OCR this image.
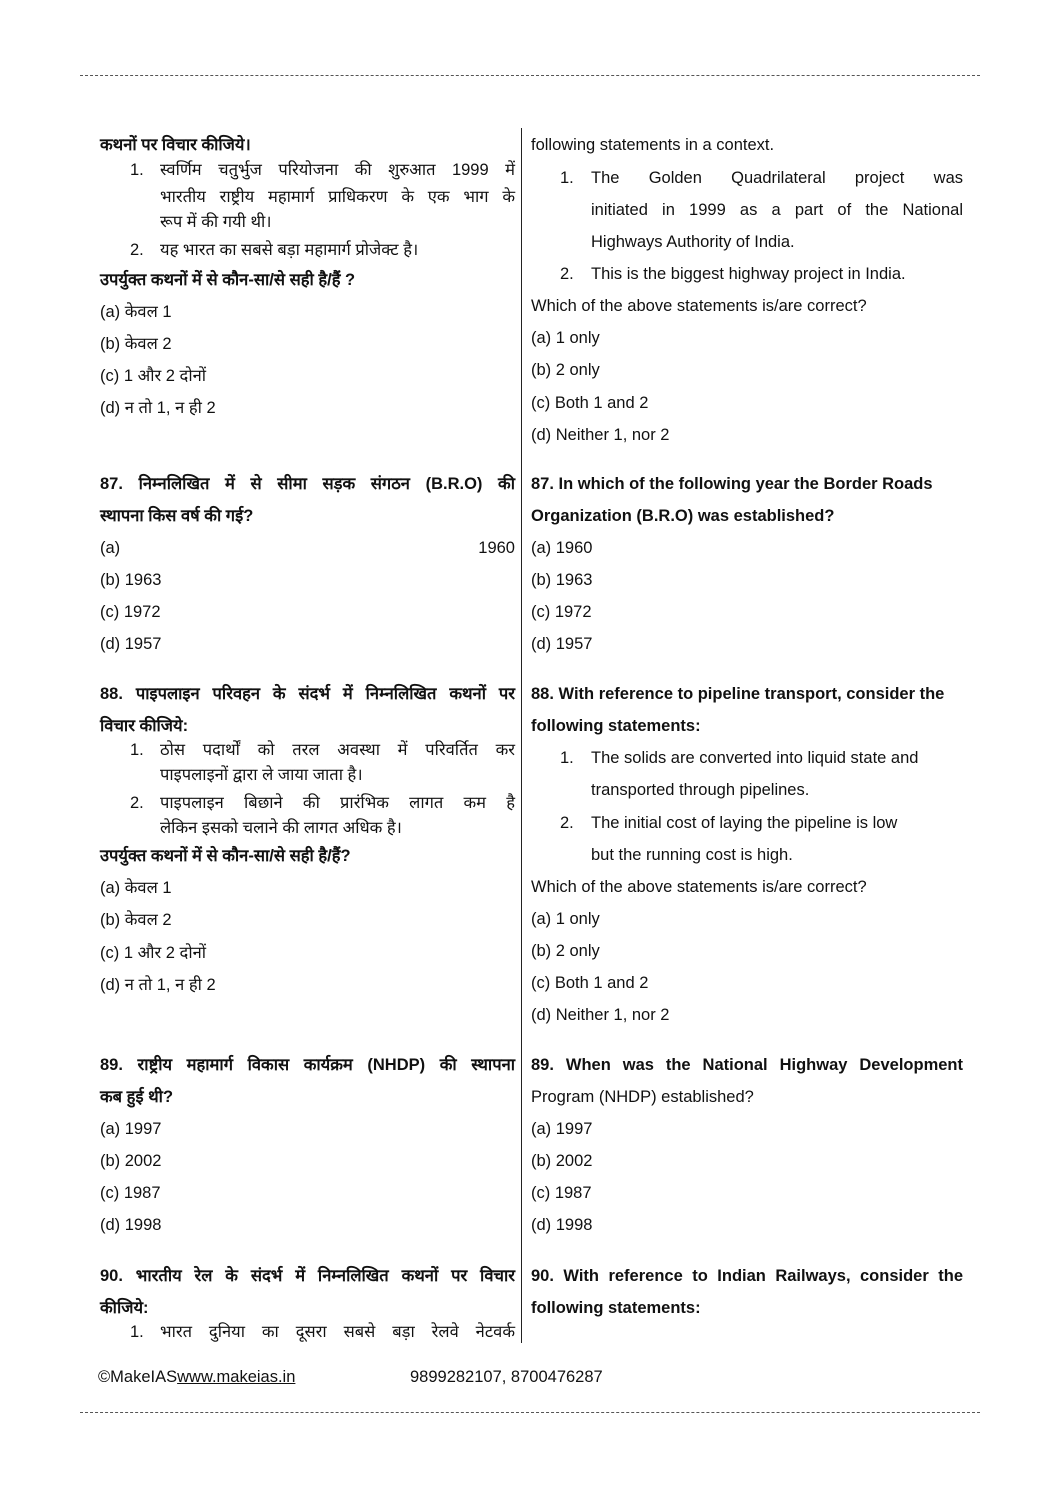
कथनों पर विचार कीजिये।
1. स्वर्णिम चतुर्भुज परियोजना की शुरुआत 1999 में
भारतीय राष्ट्रीय महामार्ग प्राधिकरण के एक भाग के
रूप में की गयी थी।
2. यह भारत का सबसे बड़ा महामार्ग प्रोजेक्ट है।
उपर्युक्त कथनों में से कौन-सा/से सही है/हैं ?
(a) केवल 1
(b) केवल 2
(c) 1 और 2 दोनों
(d) न तो 1, न ही 2
following statements in a context.
1.	The Golden Quadrilateral project was
initiated in 1999 as a part of the National
Highways Authority of India.
2.	This is the biggest highway project in India.
Which of the above statements is/are correct?
(a) 1 only
(b) 2 only
(c) Both 1 and 2
(d) Neither 1, nor 2
87. निम्नलिखित में से सीमा सड़क संगठन (B.R.O) की
स्थापना किस वर्ष की गई?
(a)	1960
(b) 1963
(c) 1972
(d) 1957
87. In which of the following year the Border Roads
Organization (B.R.O) was established?
(a) 1960
(b) 1963
(c) 1972
(d) 1957
88. पाइपलाइन परिवहन के संदर्भ में निम्नलिखित कथनों पर
विचार कीजिये:
1. ठोस पदार्थों को तरल अवस्था में परिवर्तित कर
पाइपलाइनों द्वारा ले जाया जाता है।
2. पाइपलाइन बिछाने की प्रारंभिक लागत कम है
लेकिन इसको चलाने की लागत अधिक है।
उपर्युक्त कथनों में से कौन-सा/से सही है/हैं?
(a) केवल 1
(b) केवल 2
(c) 1 और 2 दोनों
(d) न तो 1, न ही 2
88. With reference to pipeline transport, consider the
following statements:
1.	The solids are converted into liquid state and
transported through pipelines.
2.	The initial cost of laying the pipeline is low
but the running cost is high.
Which of the above statements is/are correct?
(a) 1 only
(b) 2 only
(c) Both 1 and 2
(d) Neither 1, nor 2
89. राष्ट्रीय महामार्ग विकास कार्यक्रम (NHDP) की स्थापना
कब हुई थी?
(a) 1997
(b) 2002
(c) 1987
(d) 1998
89. When was the National Highway Development
Program (NHDP) established?
(a) 1997
(b) 2002
(c) 1987
(d) 1998
90. भारतीय रेल के संदर्भ में निम्नलिखित कथनों पर विचार
कीजिये:
1. भारत दुनिया का दूसरा सबसे बड़ा रेलवे नेटवर्क
90. With reference to Indian Railways, consider the
following statements:
©MakeIASwww.makeias.in	9899282107, 8700476287
